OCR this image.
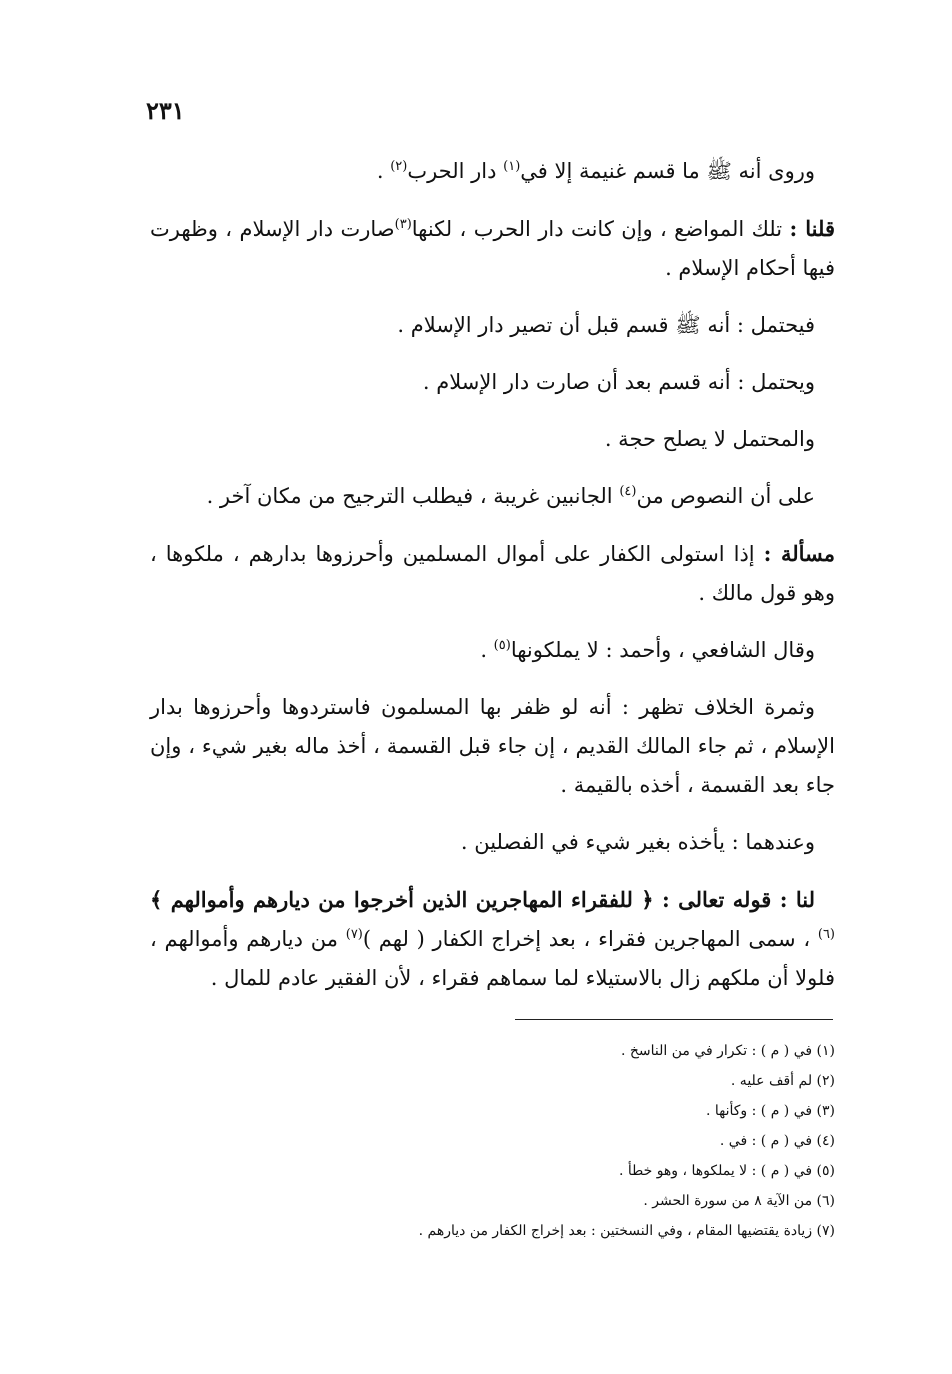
٢٣١

وروى أنه ﷺ ما قسم غنيمة إلا في$^{(١)}$ دار الحرب$^{(٢)}$ .

قلنا : تلك المواضع ، وإن كانت دار الحرب ، لكنها$^{(٣)}$صارت دار الإسلام ، وظهرت فيها أحكام الإسلام .

فيحتمل : أنه ﷺ قسم قبل أن تصير دار الإسلام .

ويحتمل : أنه قسم بعد أن صارت دار الإسلام .

والمحتمل لا يصلح حجة .

على أن النصوص من$^{(٤)}$ الجانبين غريبة ، فيطلب الترجيح من مكان آخر .

مسألة : إذا استولى الكفار على أموال المسلمين وأحرزوها بدارهم ، ملكوها ، وهو قول مالك .

وقال الشافعي ، وأحمد : لا يملكونها$^{(٥)}$ .

وثمرة الخلاف تظهر : أنه لو ظفر بها المسلمون فاستردوها وأحرزوها بدار الإسلام ، ثم جاء المالك القديم ، إن جاء قبل القسمة ، أخذ ماله بغير شيء ، وإن جاء بعد القسمة ، أخذه بالقيمة .

وعندهما : يأخذه بغير شيء في الفصلين .

لنا : قوله تعالى : ﴿ للفقراء المهاجرين الذين أخرجوا من ديارهم وأموالهم ﴾$^{(٦)}$ ، سمى المهاجرين فقراء ، بعد إخراج الكفار ( لهم )$^{(٧)}$ من ديارهم وأموالهم ، فلولا أن ملكهم زال بالاستيلاء لما سماهم فقراء ، لأن الفقير عادم للمال .

(١) في ( م ) : تكرار في من الناسخ .
(٢) لم أقف عليه .
(٣) في ( م ) : وكأنها .
(٤) في ( م ) : في .
(٥) في ( م ) : لا يملكوها ، وهو خطأ .
(٦) من الآية ٨ من سورة الحشر .
(٧) زيادة يقتضيها المقام ، وفي النسختين : بعد إخراج الكفار من ديارهم .
